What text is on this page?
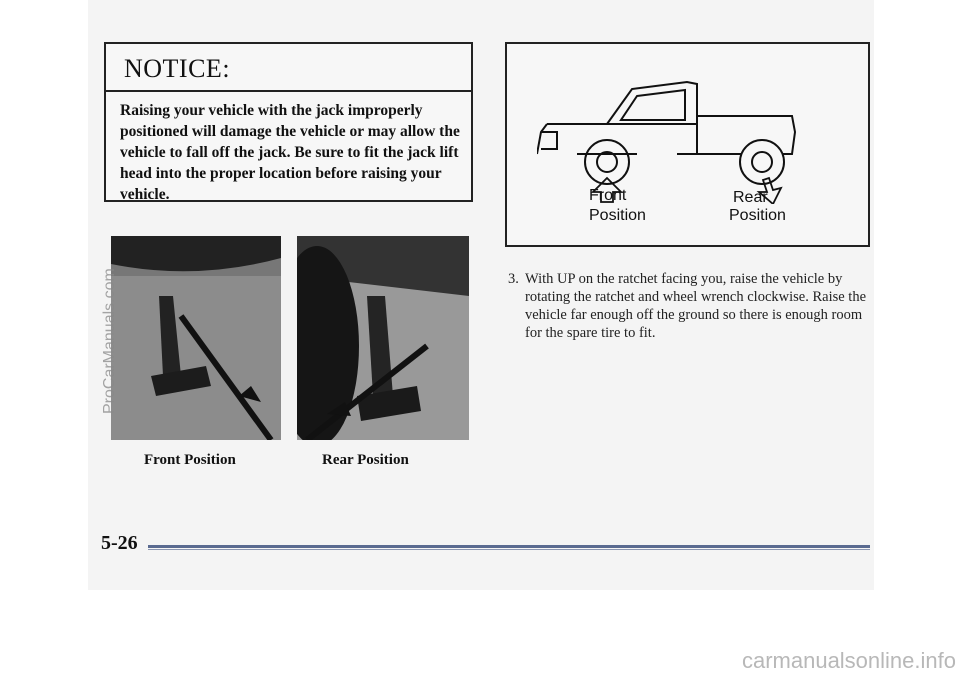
NOTICE:
Raising your vehicle with the jack improperly positioned will damage the vehicle or may allow the vehicle to fall off the jack. Be sure to fit the jack lift head into the proper location before raising your vehicle.	Front
Position
Rear
Position
Front Position	Rear Position
3. With UP on the ratchet facing you, raise the vehicle by rotating the ratchet and wheel wrench clockwise. Raise the vehicle far enough off the ground so there is enough room for the spare tire to fit.
5-26
ProCarManuals.com
carmanualsonline.info
